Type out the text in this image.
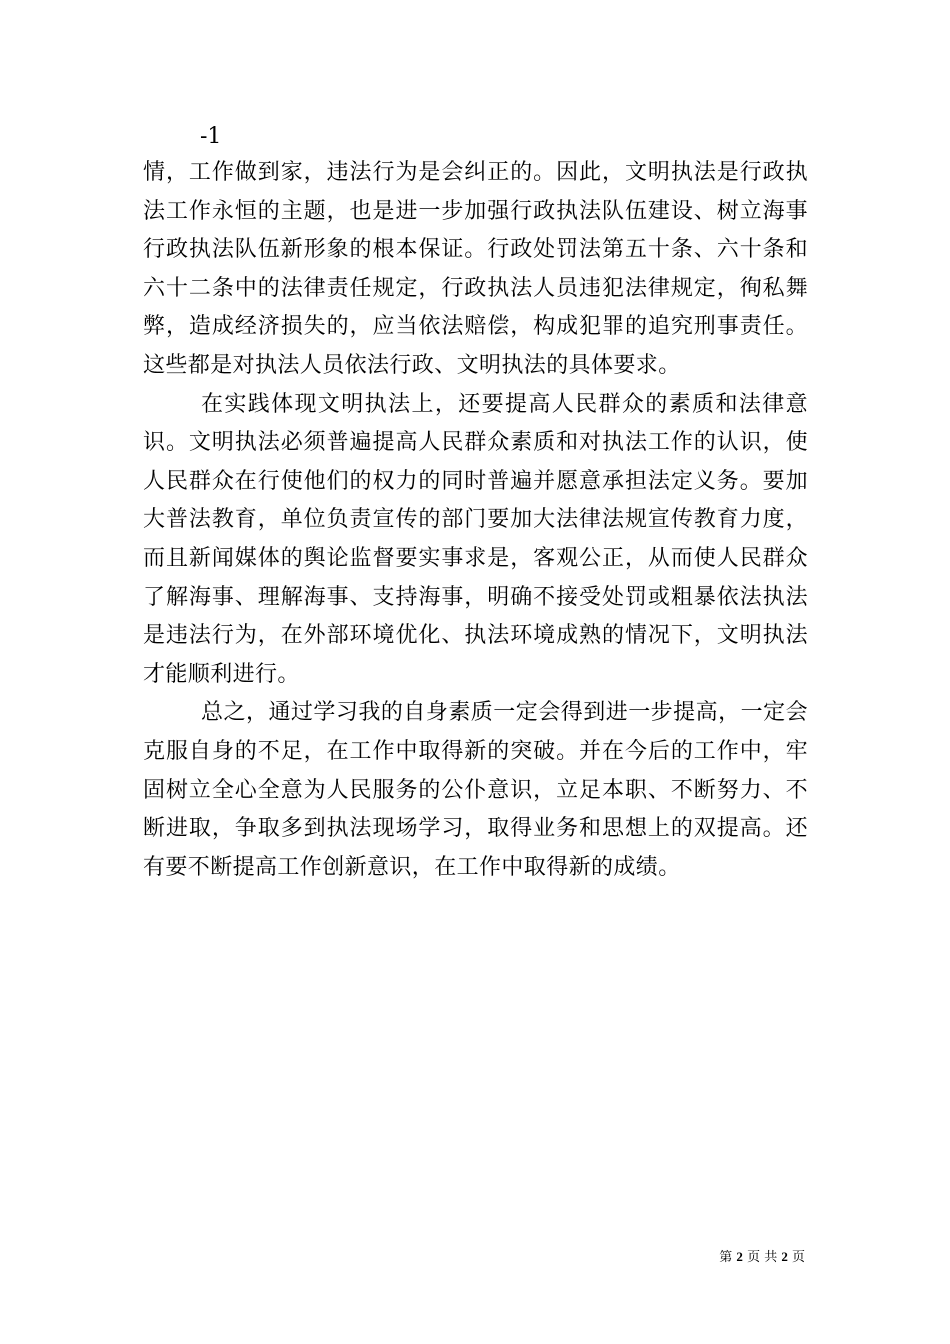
-1

情，工作做到家，违法行为是会纠正的。因此，文明执法是行政执法工作永恒的主题，也是进一步加强行政执法队伍建设、树立海事行政执法队伍新形象的根本保证。行政处罚法第五十条、六十条和六十二条中的法律责任规定，行政执法人员违犯法律规定，徇私舞弊，造成经济损失的，应当依法赔偿，构成犯罪的追究刑事责任。这些都是对执法人员依法行政、文明执法的具体要求。

在实践体现文明执法上，还要提高人民群众的素质和法律意识。文明执法必须普遍提高人民群众素质和对执法工作的认识，使人民群众在行使他们的权力的同时普遍并愿意承担法定义务。要加大普法教育，单位负责宣传的部门要加大法律法规宣传教育力度，而且新闻媒体的舆论监督要实事求是，客观公正，从而使人民群众了解海事、理解海事、支持海事，明确不接受处罚或粗暴依法执法是违法行为，在外部环境优化、执法环境成熟的情况下，文明执法才能顺利进行。

总之，通过学习我的自身素质一定会得到进一步提高，一定会克服自身的不足，在工作中取得新的突破。并在今后的工作中，牢固树立全心全意为人民服务的公仆意识，立足本职、不断努力、不断进取，争取多到执法现场学习，取得业务和思想上的双提高。还有要不断提高工作创新意识，在工作中取得新的成绩。

第 2 页 共 2 页
